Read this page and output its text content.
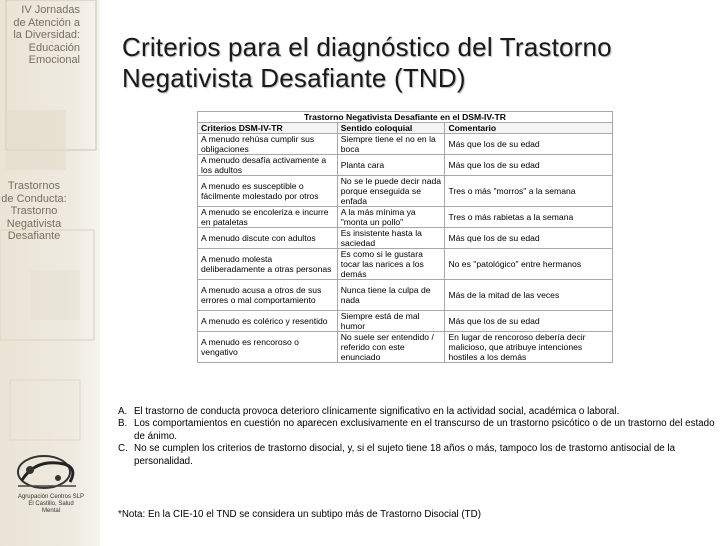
IV Jornadas
de Atención a
la Diversidad:
Educación
Emocional
Trastornos
de Conducta:
Trastorno
Negativista
Desafiante
Agrupación Centros SLP
El Castillo, Salud
Mental
Criterios para el diagnóstico del Trastorno
Negativista Desafiante (TND)
Trastorno Negativista Desafiante en el DSM-IV-TR		
Criterios DSM-IV-TR	Sentido coloquial	Comentario
A menudo rehúsa cumplir sus obligaciones	Siempre tiene el no en la boca	Más que los de su edad
A menudo desafía activamente a los adultos	Planta cara	Más que los de su edad
A menudo es susceptible o fácilmente molestado por otros	No se le puede decir nada porque enseguida se enfada	Tres o más "morros" a la semana
A menudo se encoleriza e incurre en pataletas	A la más mínima ya "monta un pollo"	Tres o más rabietas a la semana
A menudo discute con adultos	Es insistente hasta la saciedad	Más que los de su edad
A menudo molesta deliberadamente a otras personas	Es como si le gustara tocar las narices a los demás	No es "patológico" entre hermanos
A menudo acusa a otros de sus errores o mal comportamiento	Nunca tiene la culpa de nada	Más de la mitad de las veces
A menudo es colérico y resentido	Siempre está de mal humor	Más que los de su edad
A menudo es rencoroso o vengativo	No suele ser entendido / referido con este enunciado	En lugar de rencoroso debería decir malicioso, que atribuye intenciones hostiles a los demás
A. El trastorno de conducta provoca deterioro clínicamente significativo en la actividad social, académica o laboral.
B. Los comportamientos en cuestión no aparecen exclusivamente en el transcurso de un trastorno psicótico o de un trastorno del estado de ánimo.
C. No se cumplen los criterios de trastorno disocial, y, si el sujeto tiene 18 años o más, tampoco los de trastorno antisocial de la personalidad.
*Nota: En la CIE-10 el TND se considera un subtipo más de Trastorno Disocial (TD)
